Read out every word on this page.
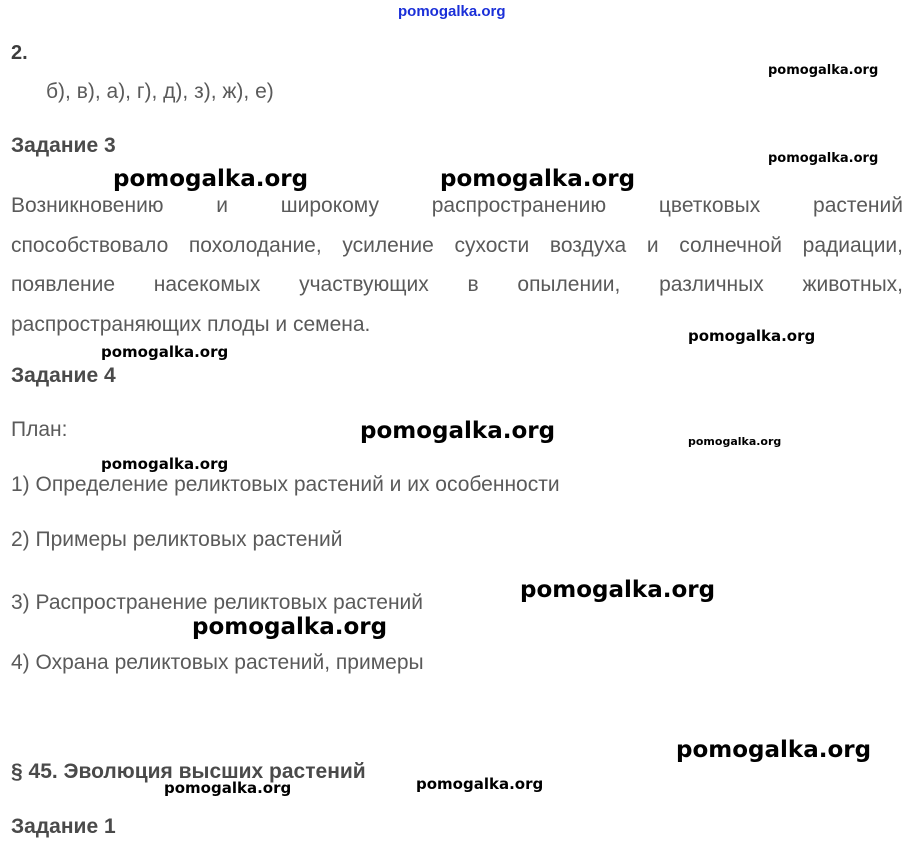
2.
б), в), а), г), д), з), ж), е)
Задание 3
Возникновению и широкому распространению цветковых растений
способствовало похолодание, усиление сухости воздуха и солнечной радиации,
появление насекомых участвующих в опылении, различных животных,
распространяющих плоды и семена.
Задание 4
План:
1) Определение реликтовых растений и их особенности
2) Примеры реликтовых растений
3) Распространение реликтовых растений
4) Охрана реликтовых растений, примеры
§ 45. Эволюция высших растений
Задание 1
pomogalka.org
pomogalka.org
pomogalka.org
pomogalka.org	pomogalka.org
pomogalka.org
pomogalka.org
pomogalka.org	pomogalka.org
pomogalka.org
pomogalka.org
pomogalka.org
pomogalka.org
pomogalka.org
pomogalka.org
